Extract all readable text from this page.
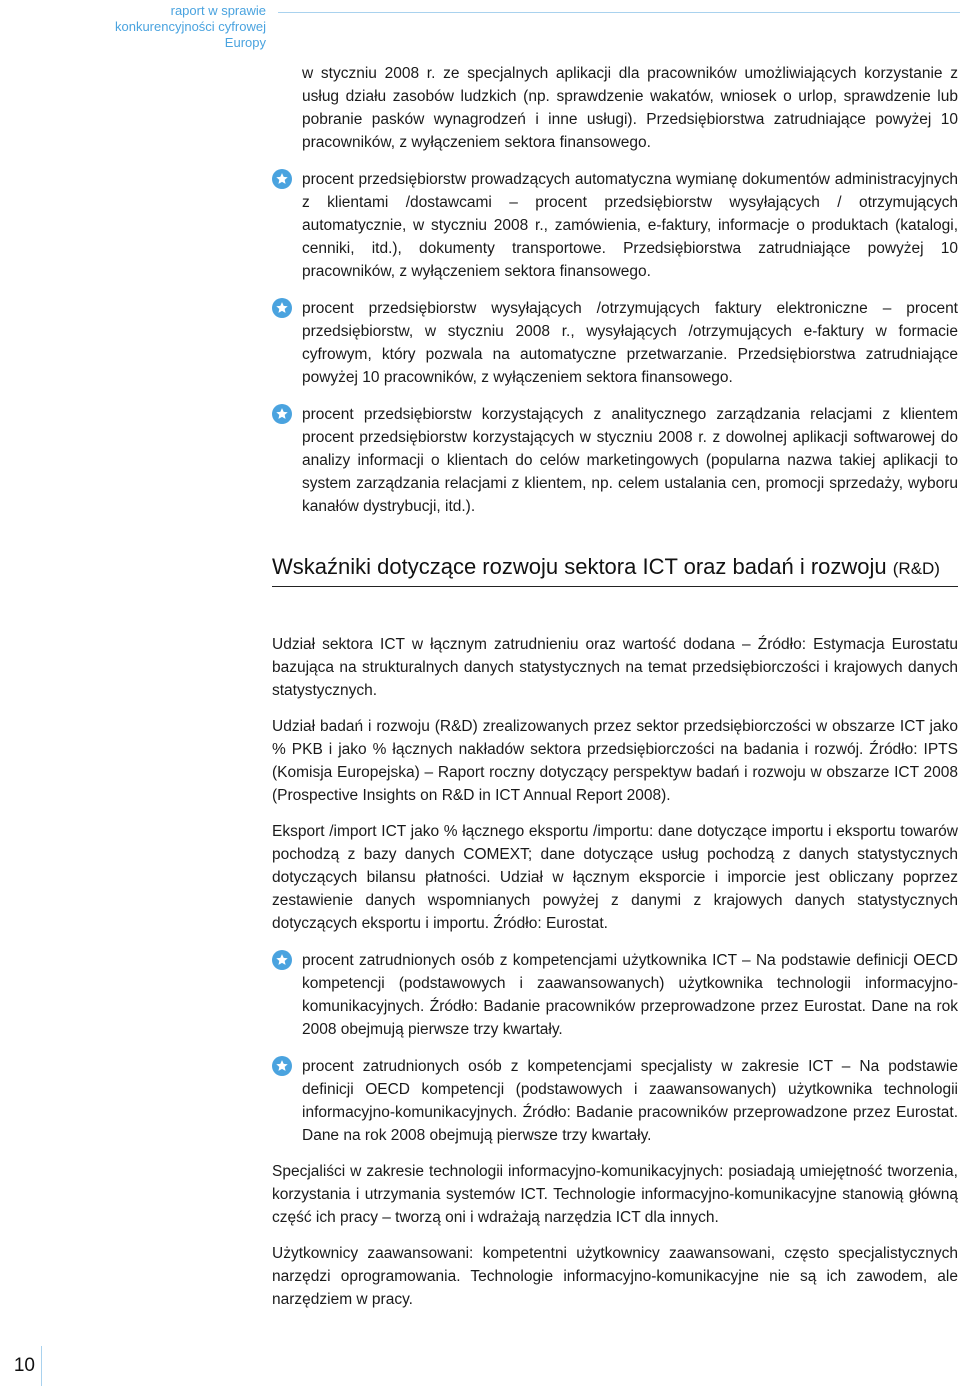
raport w sprawie konkurencyjności cyfrowej Europy

w styczniu 2008 r. ze specjalnych aplikacji dla pracowników umożliwiających korzystanie z usług działu zasobów ludzkich (np. sprawdzenie wakatów, wniosek o urlop, sprawdzenie lub pobranie pasków wynagrodzeń i inne usługi). Przedsiębiorstwa zatrudniające powyżej 10 pracowników, z wyłączeniem sektora finansowego.

procent przedsiębiorstw prowadzących automatyczna wymianę dokumentów administracyjnych z klientami /dostawcami – procent przedsiębiorstw wysyłających / otrzymujących automatycznie, w styczniu 2008 r., zamówienia, e-faktury, informacje o produktach (katalogi, cenniki, itd.), dokumenty transportowe. Przedsiębiorstwa zatrudniające powyżej 10 pracowników, z wyłączeniem sektora finansowego.

procent przedsiębiorstw wysyłających /otrzymujących faktury elektroniczne – procent przedsiębiorstw, w styczniu 2008 r., wysyłających /otrzymujących e-faktury w formacie cyfrowym, który pozwala na automatyczne przetwarzanie. Przedsiębiorstwa zatrudniające powyżej 10 pracowników, z wyłączeniem sektora finansowego.

procent przedsiębiorstw korzystających z analitycznego zarządzania relacjami z klientem procent przedsiębiorstw korzystających w styczniu 2008 r. z dowolnej aplikacji softwarowej do analizy informacji o klientach do celów marketingowych (popularna nazwa takiej aplikacji to system zarządzania relacjami z klientem, np. celem ustalania cen, promocji sprzedaży, wyboru kanałów dystrybucji, itd.).

Wskaźniki dotyczące rozwoju sektora ICT oraz badań i rozwoju (R&D)

Udział sektora ICT w łącznym zatrudnieniu oraz wartość dodana – Źródło: Estymacja Eurostatu bazująca na strukturalnych danych statystycznych na temat przedsiębiorczości i krajowych danych statystycznych.

Udział badań i rozwoju (R&D) zrealizowanych przez sektor przedsiębiorczości w obszarze ICT jako % PKB i jako % łącznych nakładów sektora przedsiębiorczości na badania i rozwój. Źródło: IPTS (Komisja Europejska) – Raport roczny dotyczący perspektyw badań i rozwoju w obszarze ICT 2008 (Prospective Insights on R&D in ICT Annual Report 2008).

Eksport /import ICT jako % łącznego eksportu /importu: dane dotyczące importu i eksportu towarów pochodzą z bazy danych COMEXT; dane dotyczące usług pochodzą z danych statystycznych dotyczących bilansu płatności. Udział w łącznym eksporcie i imporcie jest obliczany poprzez zestawienie danych wspomnianych powyżej z danymi z krajowych danych statystycznych dotyczących eksportu i importu. Źródło: Eurostat.

procent zatrudnionych osób z kompetencjami użytkownika ICT – Na podstawie definicji OECD kompetencji (podstawowych i zaawansowanych) użytkownika technologii informacyjno-komunikacyjnych. Źródło: Badanie pracowników przeprowadzone przez Eurostat. Dane na rok 2008 obejmują pierwsze trzy kwartały.

procent zatrudnionych osób z kompetencjami specjalisty w zakresie ICT – Na podstawie definicji OECD kompetencji (podstawowych i zaawansowanych) użytkownika technologii informacyjno-komunikacyjnych. Źródło: Badanie pracowników przeprowadzone przez Eurostat. Dane na rok 2008 obejmują pierwsze trzy kwartały.

Specjaliści w zakresie technologii informacyjno-komunikacyjnych: posiadają umiejętność tworzenia, korzystania i utrzymania systemów ICT. Technologie informacyjno-komunikacyjne stanowią główną część ich pracy – tworzą oni i wdrażają narzędzia ICT dla innych.

Użytkownicy zaawansowani: kompetentni użytkownicy zaawansowani, często specjalistycznych narzędzi oprogramowania. Technologie informacyjno-komunikacyjne nie są ich zawodem, ale narzędziem w pracy.

10
